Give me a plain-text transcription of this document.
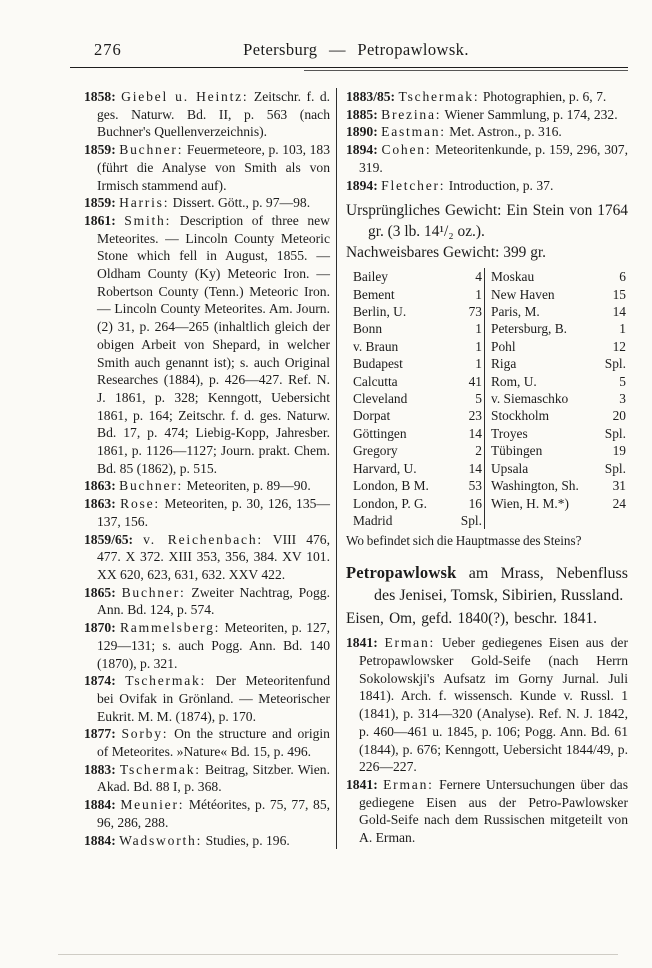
276	Petersburg — Petropawlowsk.

1858: Giebel u. Heintz: Zeitschr. f. d. ges. Naturw. Bd. II, p. 563 (nach Buchner's Quellenverzeichnis).

1859: Buchner: Feuermeteore, p. 103, 183 (führt die Analyse von Smith als von Irmisch stammend auf).

1859: Harris: Dissert. Gött., p. 97—98.

1861: Smith: Description of three new Meteorites. — Lincoln County Meteoric Stone which fell in August, 1855. — Oldham County (Ky) Meteoric Iron. — Robertson County (Tenn.) Meteoric Iron. — Lincoln County Meteorites. Am. Journ. (2) 31, p. 264—265 (inhaltlich gleich der obigen Arbeit von Shepard, in welcher Smith auch genannt ist); s. auch Original Researches (1884), p. 426—427. Ref. N. J. 1861, p. 328; Kenngott, Uebersicht 1861, p. 164; Zeitschr. f. d. ges. Naturw. Bd. 17, p. 474; Liebig-Kopp, Jahresber. 1861, p. 1126—1127; Journ. prakt. Chem. Bd. 85 (1862), p. 515.

1863: Buchner: Meteoriten, p. 89—90.

1863: Rose: Meteoriten, p. 30, 126, 135—137, 156.

1859/65: v. Reichenbach: VIII 476, 477. X 372. XIII 353, 356, 384. XV 101. XX 620, 623, 631, 632. XXV 422.

1865: Buchner: Zweiter Nachtrag, Pogg. Ann. Bd. 124, p. 574.

1870: Rammelsberg: Meteoriten, p. 127, 129—131; s. auch Pogg. Ann. Bd. 140 (1870), p. 321.

1874: Tschermak: Der Meteoritenfund bei Ovifak in Grönland. — Meteorischer Eukrit. M. M. (1874), p. 170.

1877: Sorby: On the structure and origin of Meteorites. »Nature« Bd. 15, p. 496.

1883: Tschermak: Beitrag, Sitzber. Wien. Akad. Bd. 88 I, p. 368.

1884: Meunier: Météorites, p. 75, 77, 85, 96, 286, 288.

1884: Wadsworth: Studies, p. 196.

1883/85: Tschermak: Photographien, p. 6, 7.

1885: Brezina: Wiener Sammlung, p. 174, 232.

1890: Eastman: Met. Astron., p. 316.

1894: Cohen: Meteoritenkunde, p. 159, 296, 307, 319.

1894: Fletcher: Introduction, p. 37.

Ursprüngliches Gewicht: Ein Stein von 1764 gr. (3 lb. 14¹/₂ oz.).

Nachweisbares Gewicht: 399 gr.

Bailey	4 Moskau	6
Bement	1 New Haven	15
Berlin, U.	73 Paris, M.	14
Bonn	1 Petersburg, B.	1
v. Braun	1 Pohl	12
Budapest	1 Riga	Spl.
Calcutta	41 Rom, U.	5
Cleveland	5 v. Siemaschko	3
Dorpat	23 Stockholm	20
Göttingen	14 Troyes	Spl.
Gregory	2 Tübingen	19
Harvard, U.	14 Upsala	Spl.
London, B M.	53 Washington, Sh.	31
London, P. G.	16 Wien, H. M.*)	24
Madrid	Spl.

Wo befindet sich die Hauptmasse des Steins?

Petropawlowsk am Mrass, Nebenfluss des Jenisei, Tomsk, Sibirien, Russland.

Eisen, Om, gefd. 1840(?), beschr. 1841.

1841: Erman: Ueber gediegenes Eisen aus der Petropawlowsker Gold-Seife (nach Herrn Sokolowskji's Aufsatz im Gorny Jurnal. Juli 1841). Arch. f. wissensch. Kunde v. Russl. 1 (1841), p. 314—320 (Analyse). Ref. N. J. 1842, p. 460—461 u. 1845, p. 106; Pogg. Ann. Bd. 61 (1844), p. 676; Kenngott, Uebersicht 1844/49, p. 226—227.

1841: Erman: Fernere Untersuchungen über das gediegene Eisen aus der Petro-Pawlowsker Gold-Seife nach dem Russischen mitgeteilt von A. Erman.
